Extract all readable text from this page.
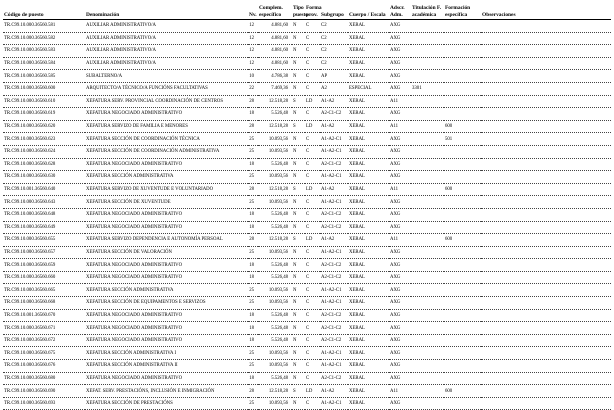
Código de puesto	Denominación	Nv.	Complem. específico	Tipo puesto	Forma prov.	Subgrupo	Cuerpo / Escala	Adscr. Adm.	Titulación F. académica	Formación específica	Observaciones
TR.C99.10.000.36560.581	AUXILIAR ADMINISTRATIVO/A	12	4.881,60	N	C	C2	XERAL	AXG			
TR.C99.10.000.36560.582	AUXILIAR ADMINISTRATIVO/A	12	4.881,60	N	C	C2	XERAL	AXG			
TR.C99.10.000.36560.583	AUXILIAR ADMINISTRATIVO/A	12	4.881,60	N	C	C2	XERAL	AXG			
TR.C99.10.000.36560.584	AUXILIAR ADMINISTRATIVO/A	12	4.881,60	N	C	C2	XERAL	AXG			
TR.C99.10.000.36560.585	SUBALTERNO/A	10	4.786,38	N	C	AP	XERAL	AXG			
TR.C99.10.000.36560.600	ARQUITECTO/A TÉCNICO/A FUNCIÓNS FACULTATIVAS	22	7.469,36	N	C	A2	ESPECIAL	AXG	3301		
TR.C99.10.000.36560.610	XEFATURA SERV. PROVINCIAL COORDINACIÓN DE CENTROS	28	12.518,28	S	LD	A1-A2	XERAL	A11			
TR.C99.10.000.36560.619	XEFATURA NEGOCIADO ADMINISTRATIVO	18	5.526,48	N	C	A2-C1-C2	XERAL	AXG			
TR.C99.10.000.36560.620	XEFATURA SERVIZO DE FAMILIA E MENORES	28	12.518,28	S	LD	A1-A2	XERAL	A11		600	
TR.C99.10.000.36560.623	XEFATURA SECCIÓN DE COORDINACIÓN TÉCNICA	25	10.093,56	N	C	A1-A2-C1	XERAL	AXG		501	
TR.C99.10.000.36560.624	XEFATURA SECCIÓN DE COORDINACIÓN ADMINISTRATIVA	25	10.093,56	N	C	A1-A2-C1	XERAL	AXG			
TR.C99.10.000.36560.628	XEFATURA NEGOCIADO ADMINISTRATIVO	18	5.526,48	N	C	A2-C1-C2	XERAL	AXG			
TR.C99.10.000.36560.630	XEFATURA SECCIÓN ADMINISTRATIVA	25	10.093,56	N	C	A1-A2-C1	XERAL	AXG			
TR.C99.10.001.36560.640	XEFATURA SERVIZO DE XUVENTUDE E VOLUNTARIADO	28	12.518,28	S	LD	A1-A2	XERAL	A11		600	
TR.C99.10.000.36560.643	XEFATURA SECCIÓN DE XUVENTUDE	25	10.093,56	N	C	A1-A2-C1	XERAL	AXG			
TR.C99.10.000.36560.648	XEFATURA NEGOCIADO ADMINISTRATIVO	18	5.526,48	N	C	A2-C1-C2	XERAL	AXG			
TR.C99.10.000.36560.649	XEFATURA NEGOCIADO ADMINISTRATIVO	18	5.526,48	N	C	A2-C1-C2	XERAL	AXG			
TR.C99.10.000.36560.655	XEFATURA SERVIZO DEPENDENCIA E AUTONOMÍA PERSOAL	28	12.518,28	S	LD	A1-A2	XERAL	A11		600	
TR.C99.10.000.36560.657	XEFATURA SECCIÓN DE VALORACIÓN	25	10.093,56	N	C	A1-A2-C1	XERAL	AXG			
TR.C99.10.000.36560.659	XEFATURA NEGOCIADO ADMINISTRATIVO	18	5.526,48	N	C	A2-C1-C2	XERAL	AXG			
TR.C99.10.000.36560.660	XEFATURA NEGOCIADO ADMINISTRATIVO	18	5.526,48	N	C	A2-C1-C2	XERAL	AXG			
TR.C99.10.000.36560.665	XEFATURA SECCIÓN ADMINISTRATIVA	25	10.093,56	N	C	A1-A2-C1	XERAL	AXG			
TR.C99.10.000.36560.668	XEFATURA SECCIÓN DE EQUIPAMENTOS E SERVIZOS	25	10.093,56	N	C	A1-A2-C1	XERAL	AXG			
TR.C99.10.001.36560.670	XEFATURA NEGOCIADO ADMINISTRATIVO	18	5.526,48	N	C	A2-C1-C2	XERAL	AXG			
TR.C99.10.000.36560.671	XEFATURA NEGOCIADO ADMINISTRATIVO	18	5.526,48	N	C	A2-C1-C2	XERAL	AXG			
TR.C99.10.000.36560.672	XEFATURA NEGOCIADO ADMINISTRATIVO	18	5.526,48	N	C	A2-C1-C2	XERAL	AXG			
TR.C99.10.000.36560.675	XEFATURA SECCIÓN ADMINISTRATIVA I	25	10.093,56	N	C	A1-A2-C1	XERAL	AXG			
TR.C99.10.000.36560.676	XEFATURA SECCIÓN ADMINISTRATIVA II	25	10.093,56	N	C	A1-A2-C1	XERAL	AXG			
TR.C99.10.000.36560.680	XEFATURA NEGOCIADO ADMINISTRATIVO	18	5.526,48	N	C	A2-C1-C2	XERAL	AXG			
TR.C99.10.000.36560.690	XEFAT. SERV. PRESTACIÓNS, INCLUSIÓN E INMIGRACIÓN	28	12.518,28	S	LD	A1-A2	XERAL	A11		600	
TR.C99.10.000.36560.693	XEFATURA SECCIÓN DE PRESTACIÓNS	25	10.093,56	N	C	A1-A2-C1	XERAL	AXG			
